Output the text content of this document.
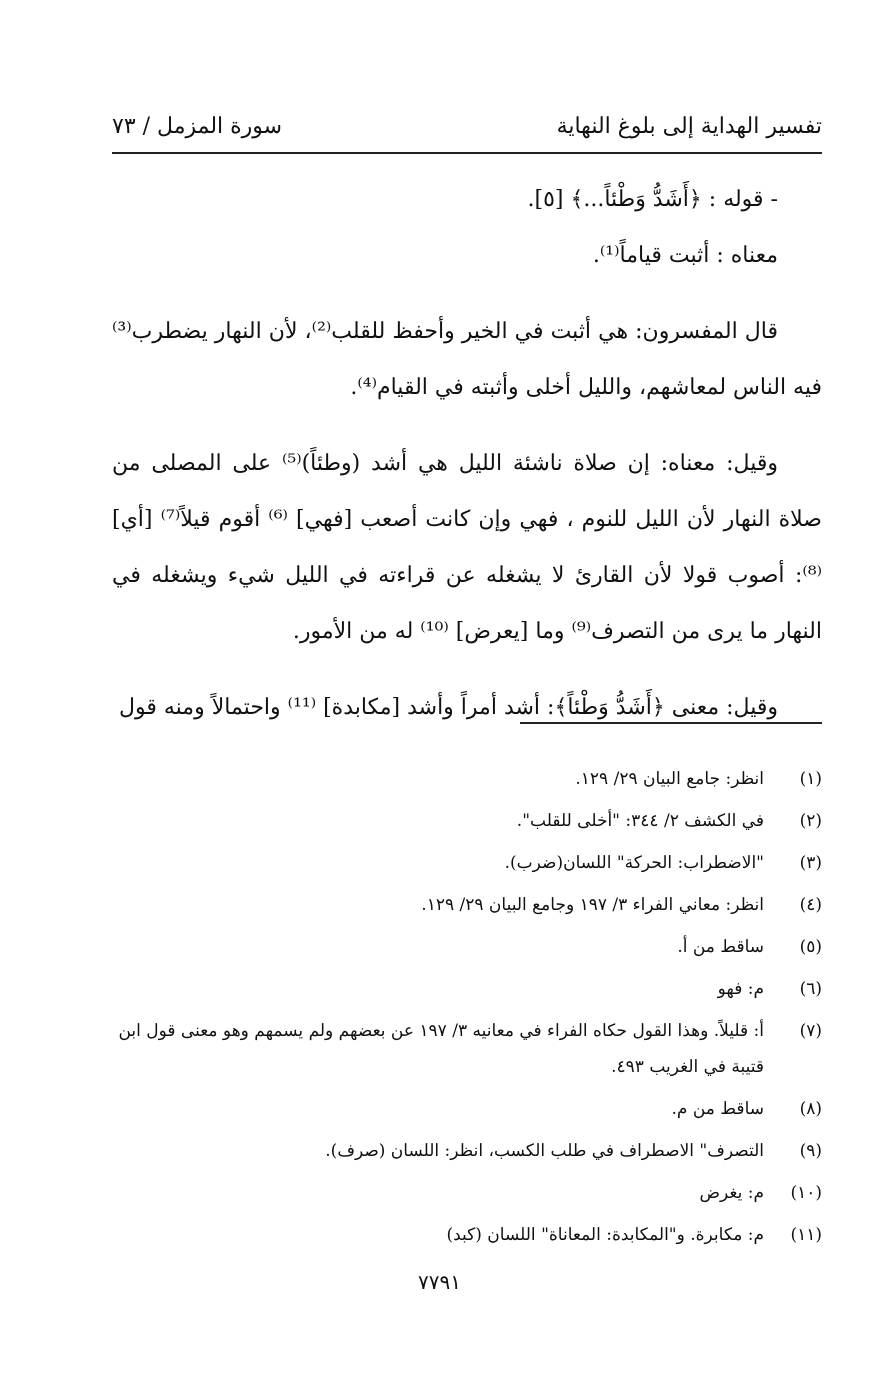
تفسير الهداية إلى بلوغ النهاية
سورة المزمل / ٧٣

- قوله : ﴿أَشَدُّ وَطْئاً...﴾ [٥].

معناه : أثبت قياماً⁽¹⁾.

قال المفسرون: هي أثبت في الخير وأحفظ للقلب⁽²⁾، لأن النهار يضطرب⁽³⁾ فيه الناس لمعاشهم، والليل أخلى وأثبته في القيام⁽⁴⁾.

وقيل: معناه: إن صلاة ناشئة الليل هي أشد (وطئاً)⁽⁵⁾ على المصلى من صلاة النهار لأن الليل للنوم ، فهي وإن كانت أصعب [فهي] ⁽⁶⁾ أقوم قيلاً⁽⁷⁾ [أي] ⁽⁸⁾: أصوب قولا لأن القارئ لا يشغله عن قراءته في الليل شيء ويشغله في النهار ما يرى من التصرف⁽⁹⁾ وما [يعرض] ⁽¹⁰⁾ له من الأمور.

وقيل: معنى ﴿أَشَدُّ وَطْئاً﴾: أشد أمراً وأشد [مكابدة] ⁽¹¹⁾ واحتمالاً ومنه قول

(١)
انظر: جامع البيان ٢٩/ ١٢٩.
(٢)
في الكشف ٢/ ٣٤٤: "أخلى للقلب".
(٣)
"الاضطراب: الحركة" اللسان(ضرب).
(٤)
انظر: معاني الفراء ٣/ ١٩٧ وجامع البيان ٢٩/ ١٢٩.
(٥)
ساقط من أ.
(٦)
م: فهو
(٧)
أ: قليلاً. وهذا القول حكاه الفراء في معانيه ٣/ ١٩٧ عن بعضهم ولم يسمهم وهو معنى قول ابن قتيبة في الغريب ٤٩٣.
(٨)
ساقط من م.
(٩)
التصرف" الاصطراف في طلب الكسب، انظر: اللسان (صرف).
(١٠)
م: يغرض
(١١)
م: مكابرة. و"المكابدة: المعاناة" اللسان (كبد)
٧٧٩١
